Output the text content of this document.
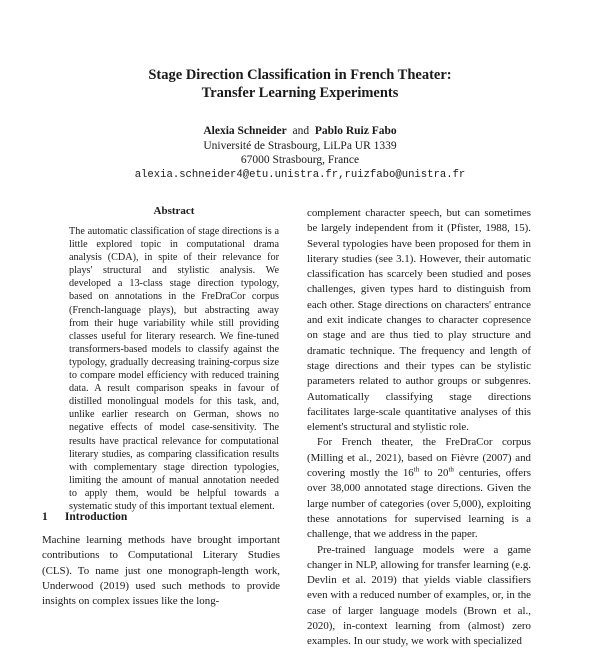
Stage Direction Classification in French Theater:
Transfer Learning Experiments
Alexia Schneider and Pablo Ruiz Fabo
Université de Strasbourg, LiLPa UR 1339
67000 Strasbourg, France
alexia.schneider4@etu.unistra.fr,ruizfabo@unistra.fr
Abstract

The automatic classification of stage directions is a little explored topic in computational drama analysis (CDA), in spite of their relevance for plays' structural and stylistic analysis. We developed a 13-class stage direction typology, based on annotations in the FreDraCor corpus (French-language plays), but abstracting away from their huge variability while still providing classes useful for literary research. We fine-tuned transformers-based models to classify against the typology, gradually decreasing training-corpus size to compare model efficiency with reduced training data. A result comparison speaks in favour of distilled monolingual models for this task, and, unlike earlier research on German, shows no negative effects of model case-sensitivity. The results have practical relevance for computational literary studies, as comparing classification results with complementary stage direction typologies, limiting the amount of manual annotation needed to apply them, would be helpful towards a systematic study of this important textual element.

1 Introduction

Machine learning methods have brought important contributions to Computational Literary Studies (CLS). To name just one monograph-length work, Underwood (2019) used such methods to provide insights on complex issues like the long-

complement character speech, but can sometimes be largely independent from it (Pfister, 1988, 15). Several typologies have been proposed for them in literary studies (see 3.1). However, their automatic classification has scarcely been studied and poses challenges, given types hard to distinguish from each other. Stage directions on characters' entrance and exit indicate changes to character copresence on stage and are thus tied to play structure and dramatic technique. The frequency and length of stage directions and their types can be stylistic parameters related to author groups or subgenres. Automatically classifying stage directions facilitates large-scale quantitative analyses of this element's structural and stylistic role.

For French theater, the FreDraCor corpus (Milling et al., 2021), based on Fièvre (2007) and covering mostly the 16th to 20th centuries, offers over 38,000 annotated stage directions. Given the large number of categories (over 5,000), exploiting these annotations for supervised learning is a challenge, that we address in the paper.

Pre-trained language models were a game changer in NLP, allowing for transfer learning (e.g. Devlin et al. 2019) that yields viable classifiers even with a reduced number of examples, or, in the case of larger language models (Brown et al., 2020), in-context learning from (almost) zero examples. In our study, we work with specialized
